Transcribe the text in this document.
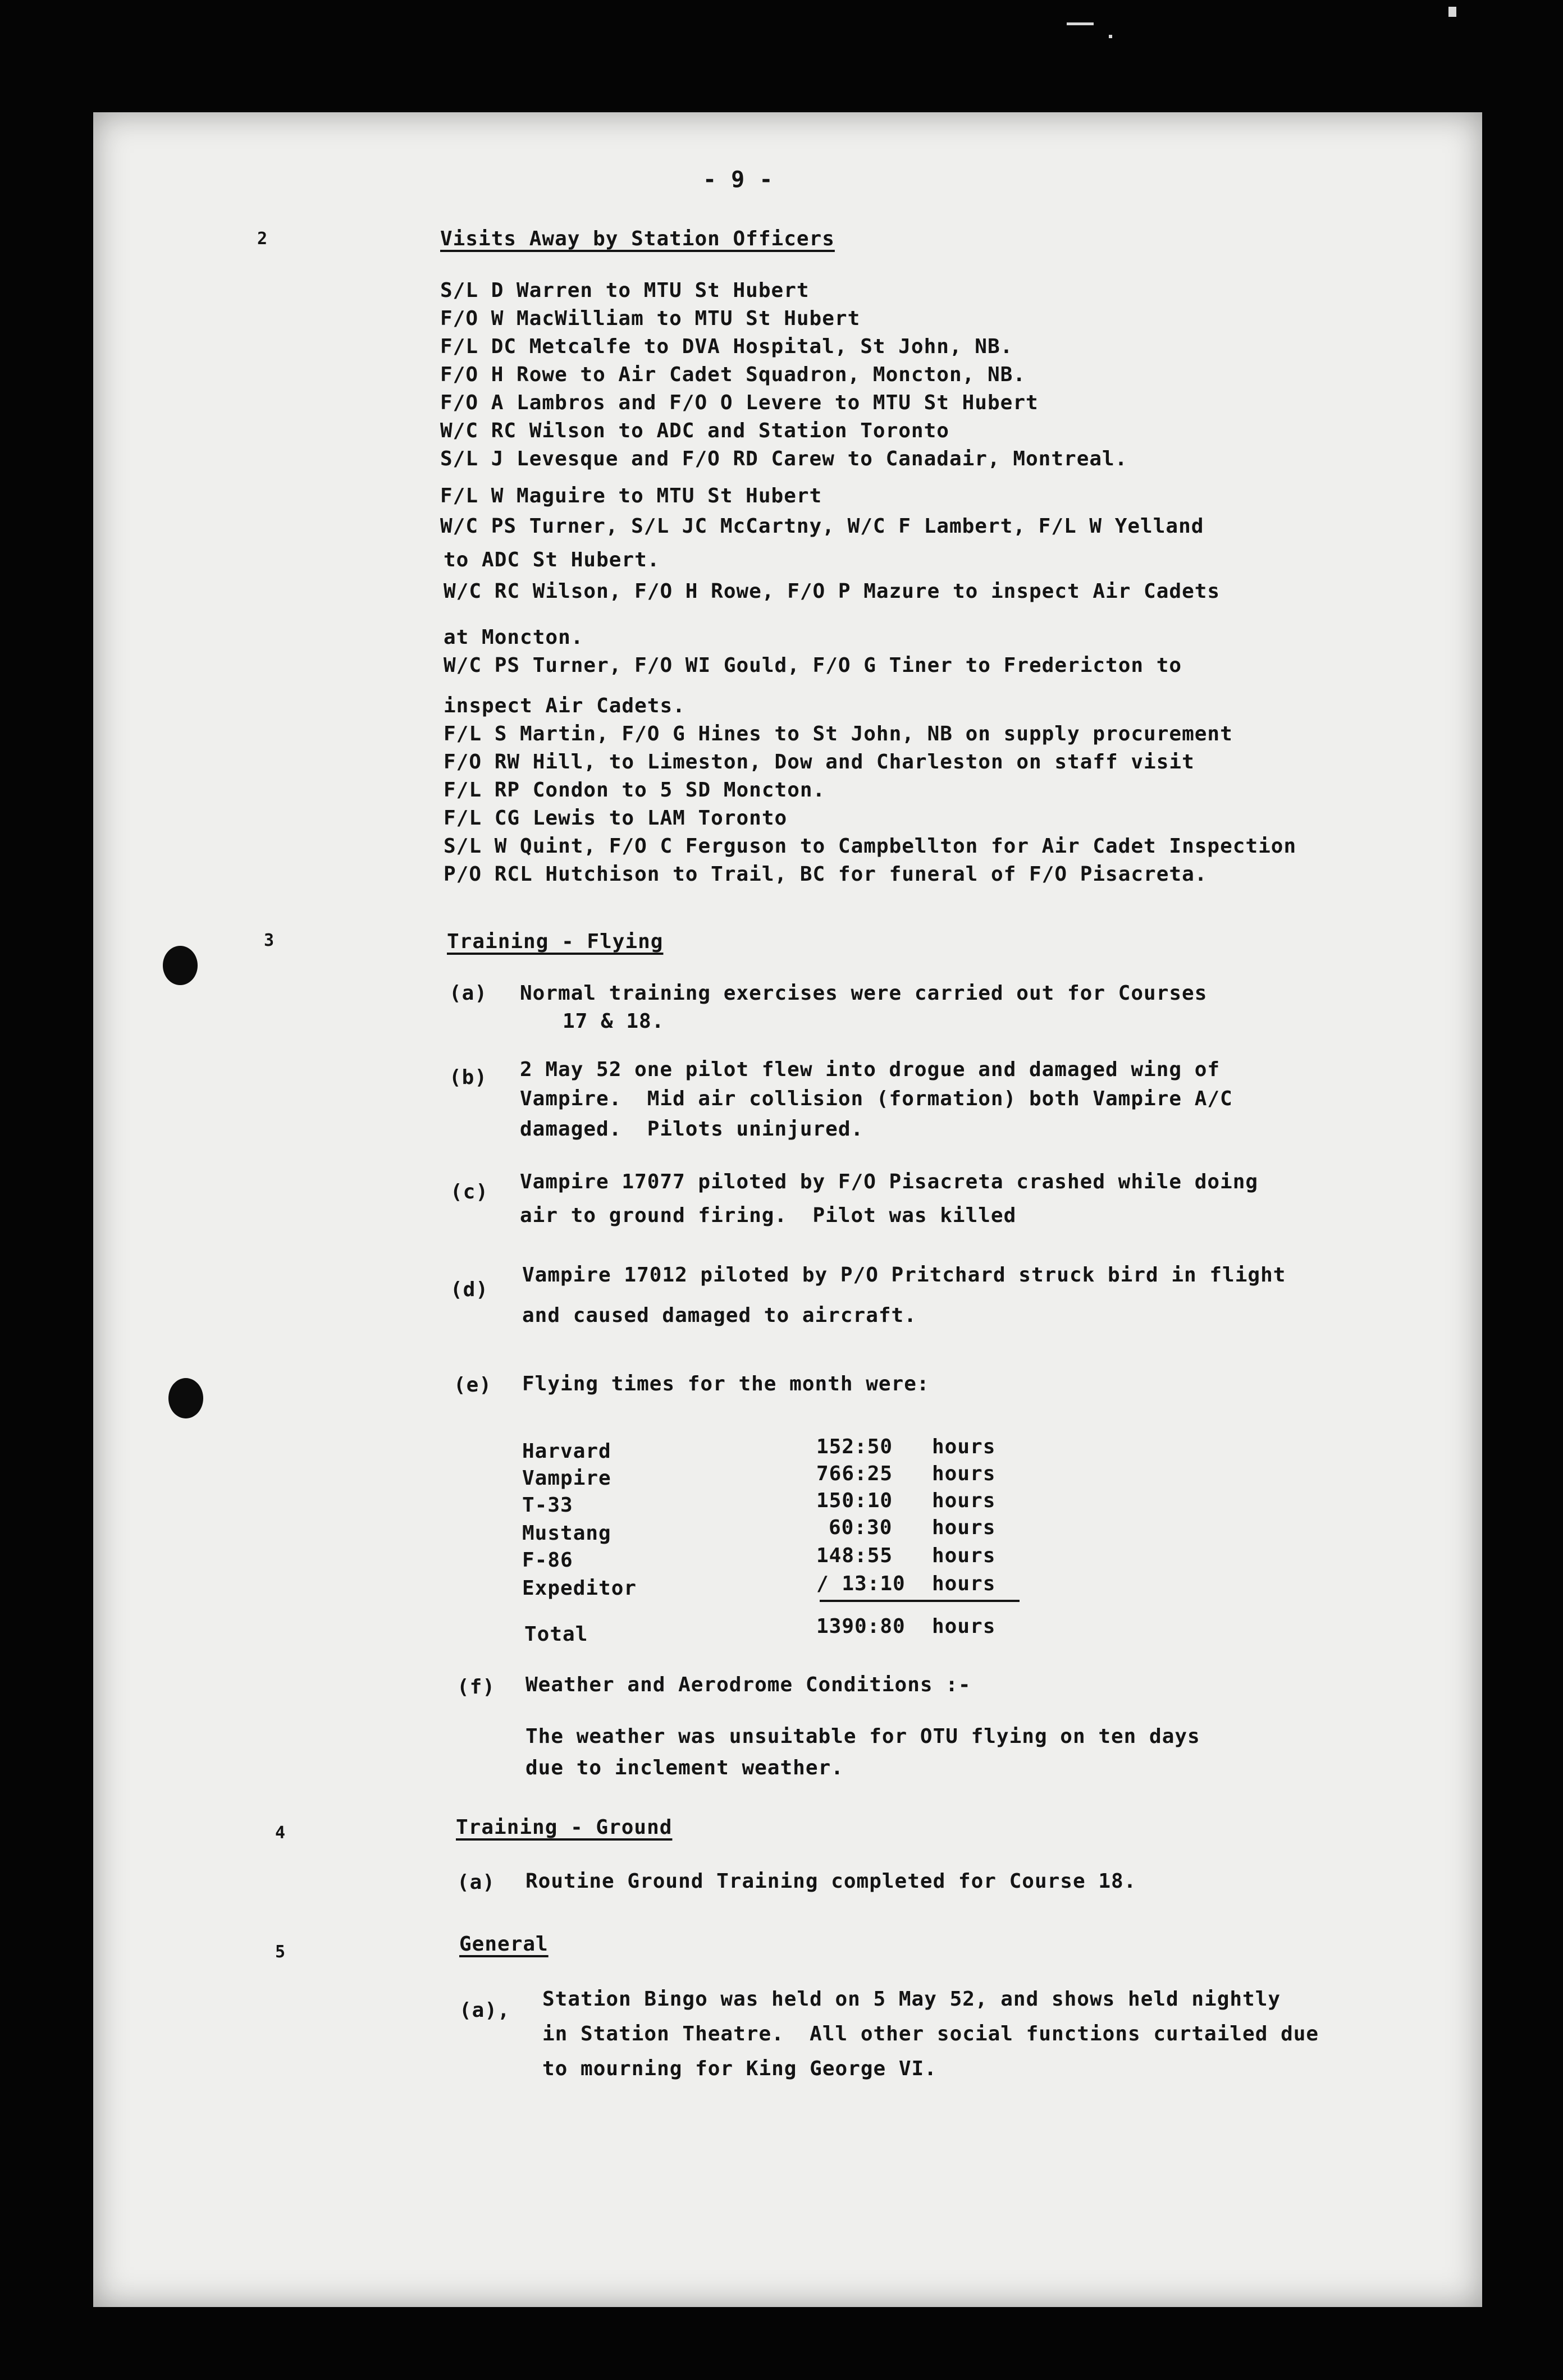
- 9 -
2	Visits Away by Station Officers
S/L D Warren to MTU St Hubert
F/O W MacWilliam to MTU St Hubert
F/L DC Metcalfe to DVA Hospital, St John, NB.
F/O H Rowe to Air Cadet Squadron, Moncton, NB.
F/O A Lambros and F/O O Levere to MTU St Hubert
W/C RC Wilson to ADC and Station Toronto
S/L J Levesque and F/O RD Carew to Canadair, Montreal.
F/L W Maguire to MTU St Hubert
W/C PS Turner, S/L JC McCartny, W/C F Lambert, F/L W Yelland
to ADC St Hubert.
W/C RC Wilson, F/O H Rowe, F/O P Mazure to inspect Air Cadets
at Moncton.
W/C PS Turner, F/O WI Gould, F/O G Tiner to Fredericton to
inspect Air Cadets.
F/L S Martin, F/O G Hines to St John, NB on supply procurement
F/O RW Hill, to Limeston, Dow and Charleston on staff visit
F/L RP Condon to 5 SD Moncton.
F/L CG Lewis to LAM Toronto
S/L W Quint, F/O C Ferguson to Campbellton for Air Cadet Inspection
P/O RCL Hutchison to Trail, BC for funeral of F/O Pisacreta.
3	Training - Flying
(a) Normal training exercises were carried out for Courses
17 & 18.
(b) 2 May 52 one pilot flew into drogue and damaged wing of
Vampire.  Mid air collision (formation) both Vampire A/C
damaged.  Pilots uninjured.
(c) Vampire 17077 piloted by F/O Pisacreta crashed while doing
air to ground firing.  Pilot was killed
(d)
Vampire 17012 piloted by P/O Pritchard struck bird in flight
and caused damaged to aircraft.
(e) Flying times for the month were:
Harvard	152:50 hours
Vampire	766:25 hours
T-33	150:10 hours
Mustang	60:30 hours
F-86	148:55 hours
Expeditor	/ 13:10 hours
Total	1390:80 hours
(f) Weather and Aerodrome Conditions :-
The weather was unsuitable for OTU flying on ten days
due to inclement weather.
4	Training - Ground
(a) Routine Ground Training completed for Course 18.
5	General
(a), Station Bingo was held on 5 May 52, and shows held nightly
in Station Theatre.  All other social functions curtailed due
to mourning for King George VI.
